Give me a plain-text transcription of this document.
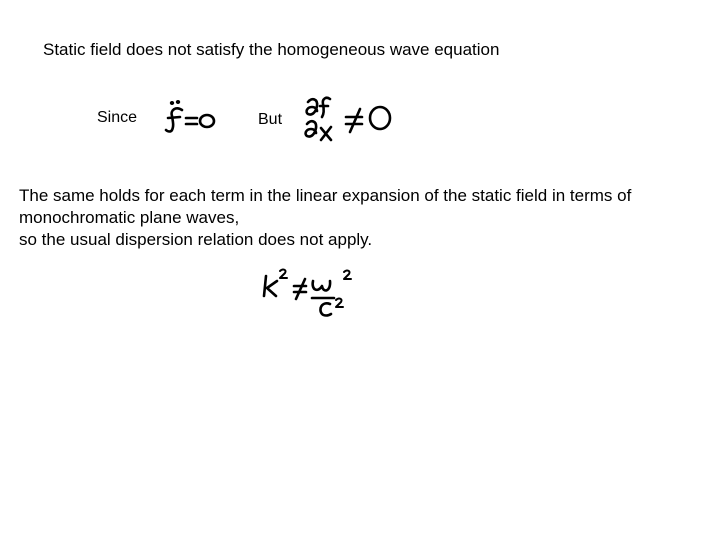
Static field does not satisfy the homogeneous wave equation
Since	But
The same holds for each term in the linear expansion of the static field in terms of
monochromatic plane waves,
so the usual dispersion relation does not apply.
